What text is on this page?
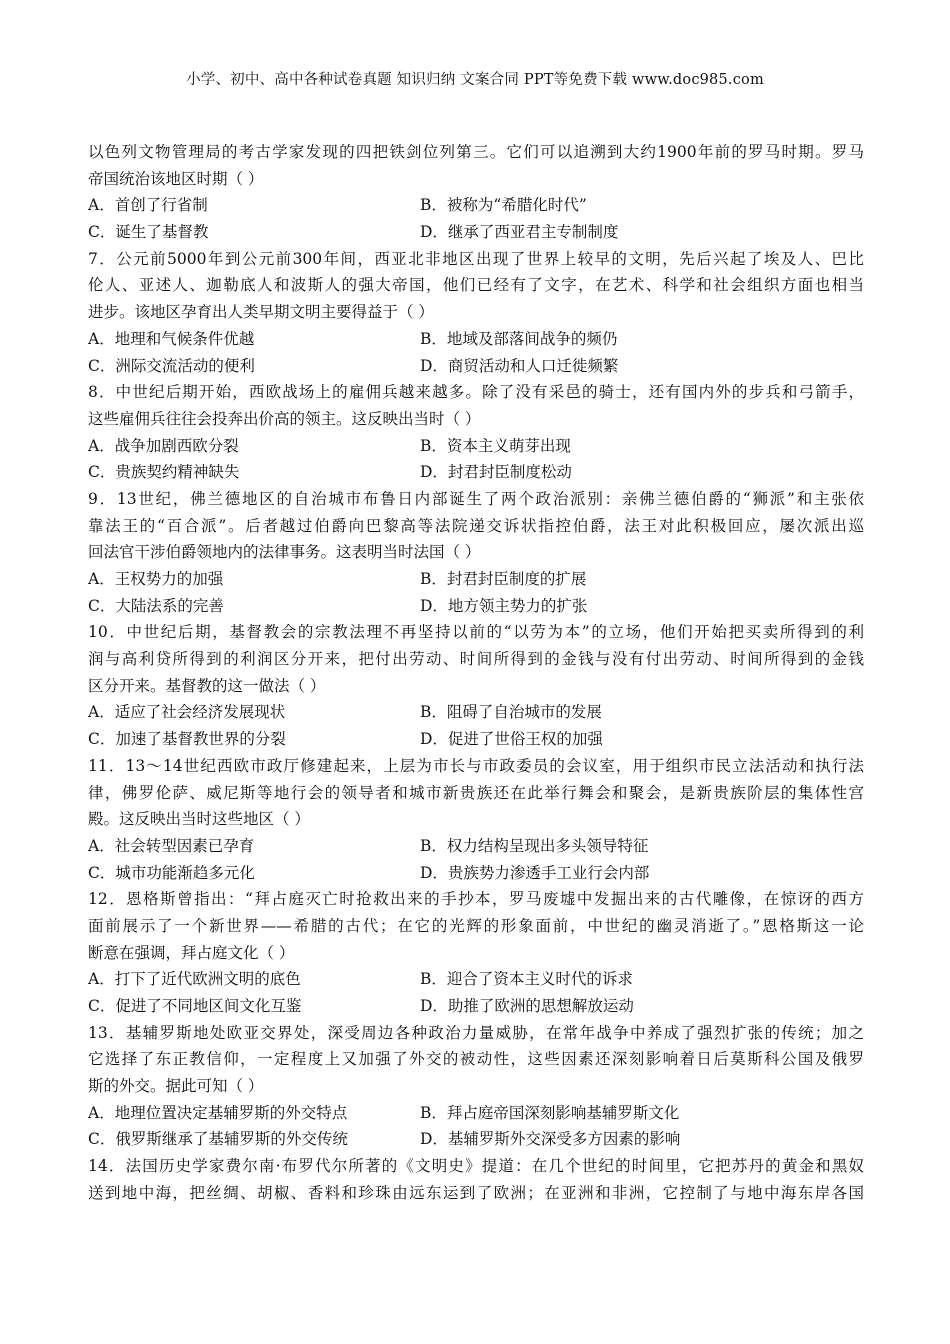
小学、初中、高中各种试卷真题 知识归纳 文案合同 PPT等免费下载 www.doc985.com
以色列文物管理局的考古学家发现的四把铁剑位列第三。它们可以追溯到大约1900年前的罗马时期。罗马
帝国统治该地区时期（ ）
A．首创了行省制	B．被称为“希腊化时代”
C．诞生了基督教	D．继承了西亚君主专制制度
7．公元前5000年到公元前300年间，西亚北非地区出现了世界上较早的文明，先后兴起了埃及人、巴比
伦人、亚述人、迦勒底人和波斯人的强大帝国，他们已经有了文字，在艺术、科学和社会组织方面也相当
进步。该地区孕育出人类早期文明主要得益于（ ）
A．地理和气候条件优越	B．地域及部落间战争的频仍
C．洲际交流活动的便利	D．商贸活动和人口迁徙频繁
8．中世纪后期开始，西欧战场上的雇佣兵越来越多。除了没有采邑的骑士，还有国内外的步兵和弓箭手，
这些雇佣兵往往会投奔出价高的领主。这反映出当时（ ）
A．战争加剧西欧分裂	B．资本主义萌芽出现
C．贵族契约精神缺失	D．封君封臣制度松动
9．13世纪，佛兰德地区的自治城市布鲁日内部诞生了两个政治派别：亲佛兰德伯爵的“狮派”和主张依
靠法王的“百合派”。后者越过伯爵向巴黎高等法院递交诉状指控伯爵，法王对此积极回应，屡次派出巡
回法官干涉伯爵领地内的法律事务。这表明当时法国（ ）
A．王权势力的加强	B．封君封臣制度的扩展
C．大陆法系的完善	D．地方领主势力的扩张
10．中世纪后期，基督教会的宗教法理不再坚持以前的“以劳为本”的立场，他们开始把买卖所得到的利
润与高利贷所得到的利润区分开来，把付出劳动、时间所得到的金钱与没有付出劳动、时间所得到的金钱
区分开来。基督教的这一做法（ ）
A．适应了社会经济发展现状	B．阻碍了自治城市的发展
C．加速了基督教世界的分裂	D．促进了世俗王权的加强
11．13～14世纪西欧市政厅修建起来，上层为市长与市政委员的会议室，用于组织市民立法活动和执行法
律，佛罗伦萨、威尼斯等地行会的领导者和城市新贵族还在此举行舞会和聚会，是新贵族阶层的集体性宫
殿。这反映出当时这些地区（ ）
A．社会转型因素已孕育	B．权力结构呈现出多头领导特征
C．城市功能渐趋多元化	D．贵族势力渗透手工业行会内部
12．恩格斯曾指出：“拜占庭灭亡时抢救出来的手抄本，罗马废墟中发掘出来的古代雕像，在惊讶的西方
面前展示了一个新世界——希腊的古代；在它的光辉的形象面前，中世纪的幽灵消逝了。”恩格斯这一论
断意在强调，拜占庭文化（ ）
A．打下了近代欧洲文明的底色	B．迎合了资本主义时代的诉求
C．促进了不同地区间文化互鉴	D．助推了欧洲的思想解放运动
13．基辅罗斯地处欧亚交界处，深受周边各种政治力量威胁，在常年战争中养成了强烈扩张的传统；加之
它选择了东正教信仰，一定程度上又加强了外交的被动性，这些因素还深刻影响着日后莫斯科公国及俄罗
斯的外交。据此可知（ ）
A．地理位置决定基辅罗斯的外交特点	B．拜占庭帝国深刻影响基辅罗斯文化
C．俄罗斯继承了基辅罗斯的外交传统	D．基辅罗斯外交深受多方因素的影响
14．法国历史学家费尔南·布罗代尔所著的《文明史》提道：在几个世纪的时间里，它把苏丹的黄金和黑奴
送到地中海，把丝绸、胡椒、香料和珍珠由远东运到了欧洲；在亚洲和非洲，它控制了与地中海东岸各国
